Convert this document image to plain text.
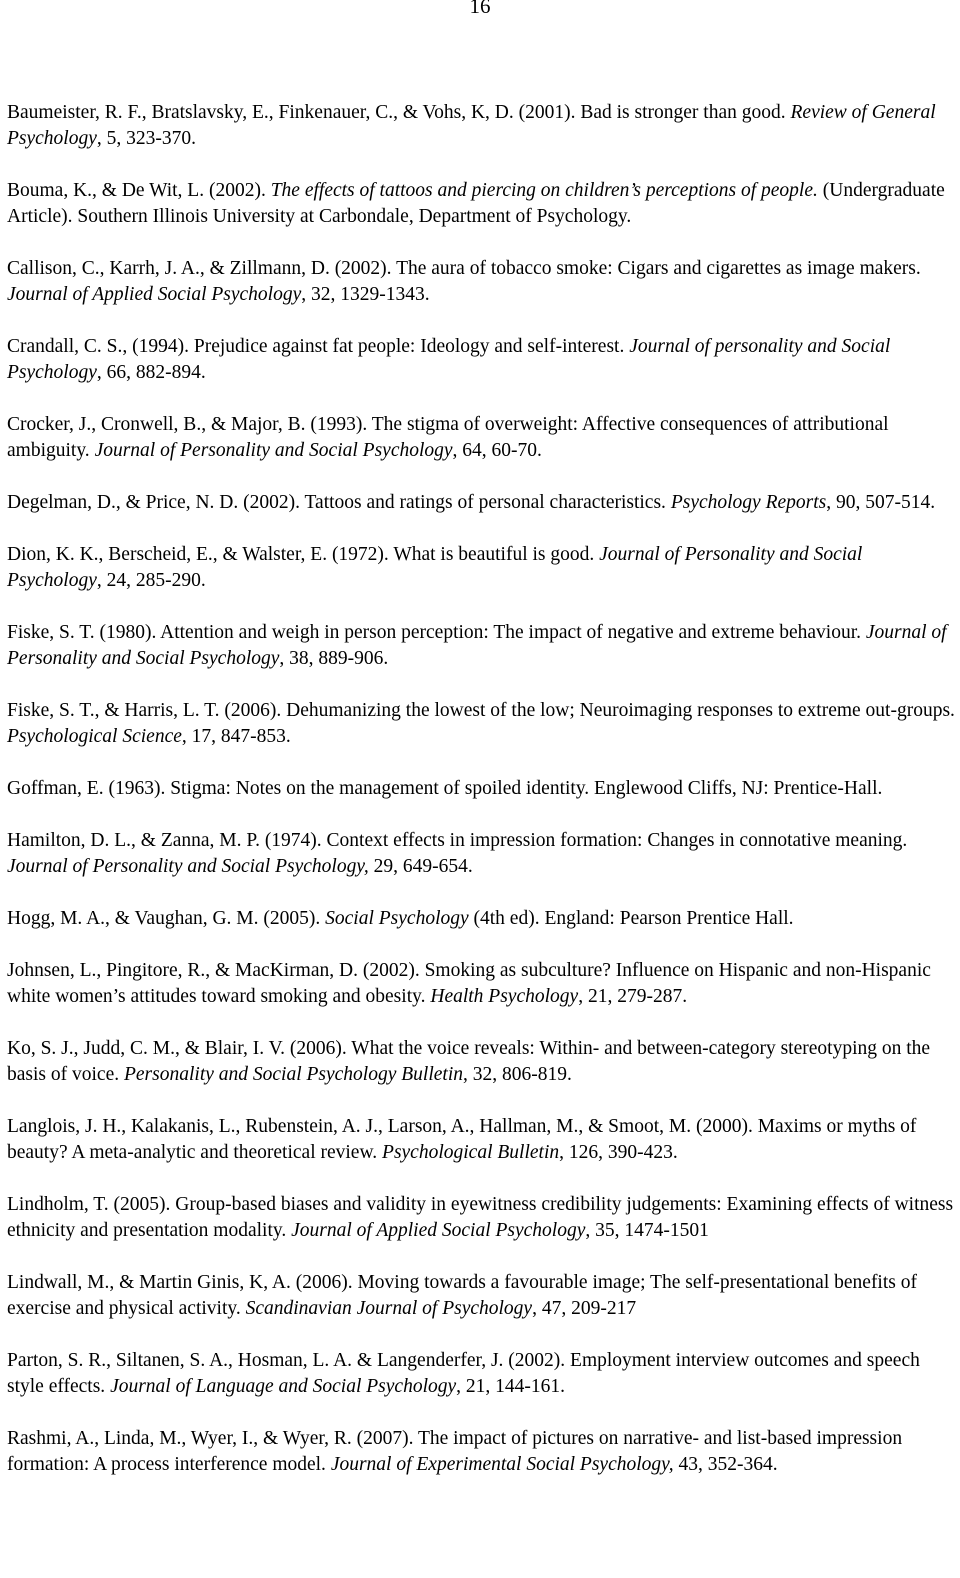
16

Baumeister, R. F., Bratslavsky, E., Finkenauer, C., & Vohs, K, D. (2001). Bad is stronger than good. Review of General Psychology, 5, 323-370.

Bouma, K., & De Wit, L. (2002). The effects of tattoos and piercing on children’s perceptions of people. (Undergraduate Article). Southern Illinois University at Carbondale, Department of Psychology.

Callison, C., Karrh, J. A., & Zillmann, D. (2002). The aura of tobacco smoke: Cigars and cigarettes as image makers. Journal of Applied Social Psychology, 32, 1329-1343.

Crandall, C. S., (1994). Prejudice against fat people: Ideology and self-interest. Journal of personality and Social Psychology, 66, 882-894.

Crocker, J., Cronwell, B., & Major, B. (1993). The stigma of overweight: Affective consequences of attributional ambiguity. Journal of Personality and Social Psychology, 64, 60-70.

Degelman, D., & Price, N. D. (2002). Tattoos and ratings of personal characteristics. Psychology Reports, 90, 507-514.

Dion, K. K., Berscheid, E., & Walster, E. (1972). What is beautiful is good. Journal of Personality and Social Psychology, 24, 285-290.

Fiske, S. T. (1980). Attention and weigh in person perception: The impact of negative and extreme behaviour. Journal of Personality and Social Psychology, 38, 889-906.

Fiske, S. T., & Harris, L. T. (2006). Dehumanizing the lowest of the low; Neuroimaging responses to extreme out-groups. Psychological Science, 17, 847-853.

Goffman, E. (1963). Stigma: Notes on the management of spoiled identity. Englewood Cliffs, NJ: Prentice-Hall.

Hamilton, D. L., & Zanna, M. P. (1974). Context effects in impression formation: Changes in connotative meaning. Journal of Personality and Social Psychology, 29, 649-654.

Hogg, M. A., & Vaughan, G. M. (2005). Social Psychology (4th ed). England: Pearson Prentice Hall.

Johnsen, L., Pingitore, R., & MacKirman, D. (2002). Smoking as subculture? Influence on Hispanic and non-Hispanic white women’s attitudes toward smoking and obesity. Health Psychology, 21, 279-287.

Ko, S. J., Judd, C. M., & Blair, I. V. (2006). What the voice reveals: Within- and between-category stereotyping on the basis of voice. Personality and Social Psychology Bulletin, 32, 806-819.

Langlois, J. H., Kalakanis, L., Rubenstein, A. J., Larson, A., Hallman, M., & Smoot, M. (2000). Maxims or myths of beauty? A meta-analytic and theoretical review. Psychological Bulletin, 126, 390-423.

Lindholm, T. (2005). Group-based biases and validity in eyewitness credibility judgements: Examining effects of witness ethnicity and presentation modality. Journal of Applied Social Psychology, 35, 1474-1501

Lindwall, M., & Martin Ginis, K, A. (2006). Moving towards a favourable image; The self-presentational benefits of exercise and physical activity. Scandinavian Journal of Psychology, 47, 209-217

Parton, S. R., Siltanen, S. A., Hosman, L. A. & Langenderfer, J. (2002). Employment interview outcomes and speech style effects. Journal of Language and Social Psychology, 21, 144-161.

Rashmi, A., Linda, M., Wyer, I., & Wyer, R. (2007). The impact of pictures on narrative- and list-based impression formation: A process interference model. Journal of Experimental Social Psychology, 43, 352-364.
